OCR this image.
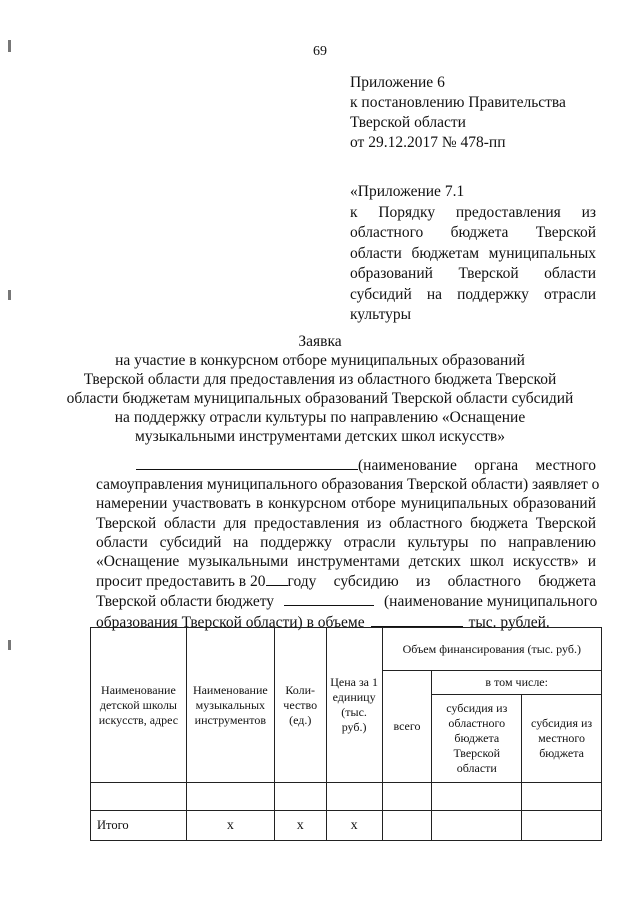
69
Приложение 6
к постановлению Правительства
Тверской области
от 29.12.2017 № 478-пп
«Приложение 7.1
к Порядку предоставления из
областного бюджета Тверской
области бюджетам муниципальных
образований Тверской области
субсидий на поддержку отрасли
культуры
Заявка
на участие в конкурсном отборе муниципальных образований
Тверской области для предоставления из областного бюджета Тверской
области бюджетам муниципальных образований Тверской области субсидий
на поддержку отрасли культуры по направлению «Оснащение
музыкальными инструментами детских школ искусств»
(наименование органа местного
самоуправления муниципального образования Тверской области) заявляет о
намерении участвовать в конкурсном отборе муниципальных образований
Тверской области для предоставления из областного бюджета Тверской
области субсидий на поддержку отрасли культуры по направлению
«Оснащение музыкальными инструментами детских школ искусств» и
просит предоставить в 20 году субсидию из областного бюджета
Тверской области бюджету	(наименование муниципального
образования Тверской области) в объеме	тыс. рублей.
Наименование детской школы искусств, адрес	Наименование музыкальных инструментов	Коли-чество (ед.)	Цена за 1 единицу (тыс. руб.)	Объем финансирования (тыс. руб.)		
				всего	в том числе:	
					субсидия из областного бюджета Тверской области	субсидия из местного бюджета

Итого	х	х	х			
